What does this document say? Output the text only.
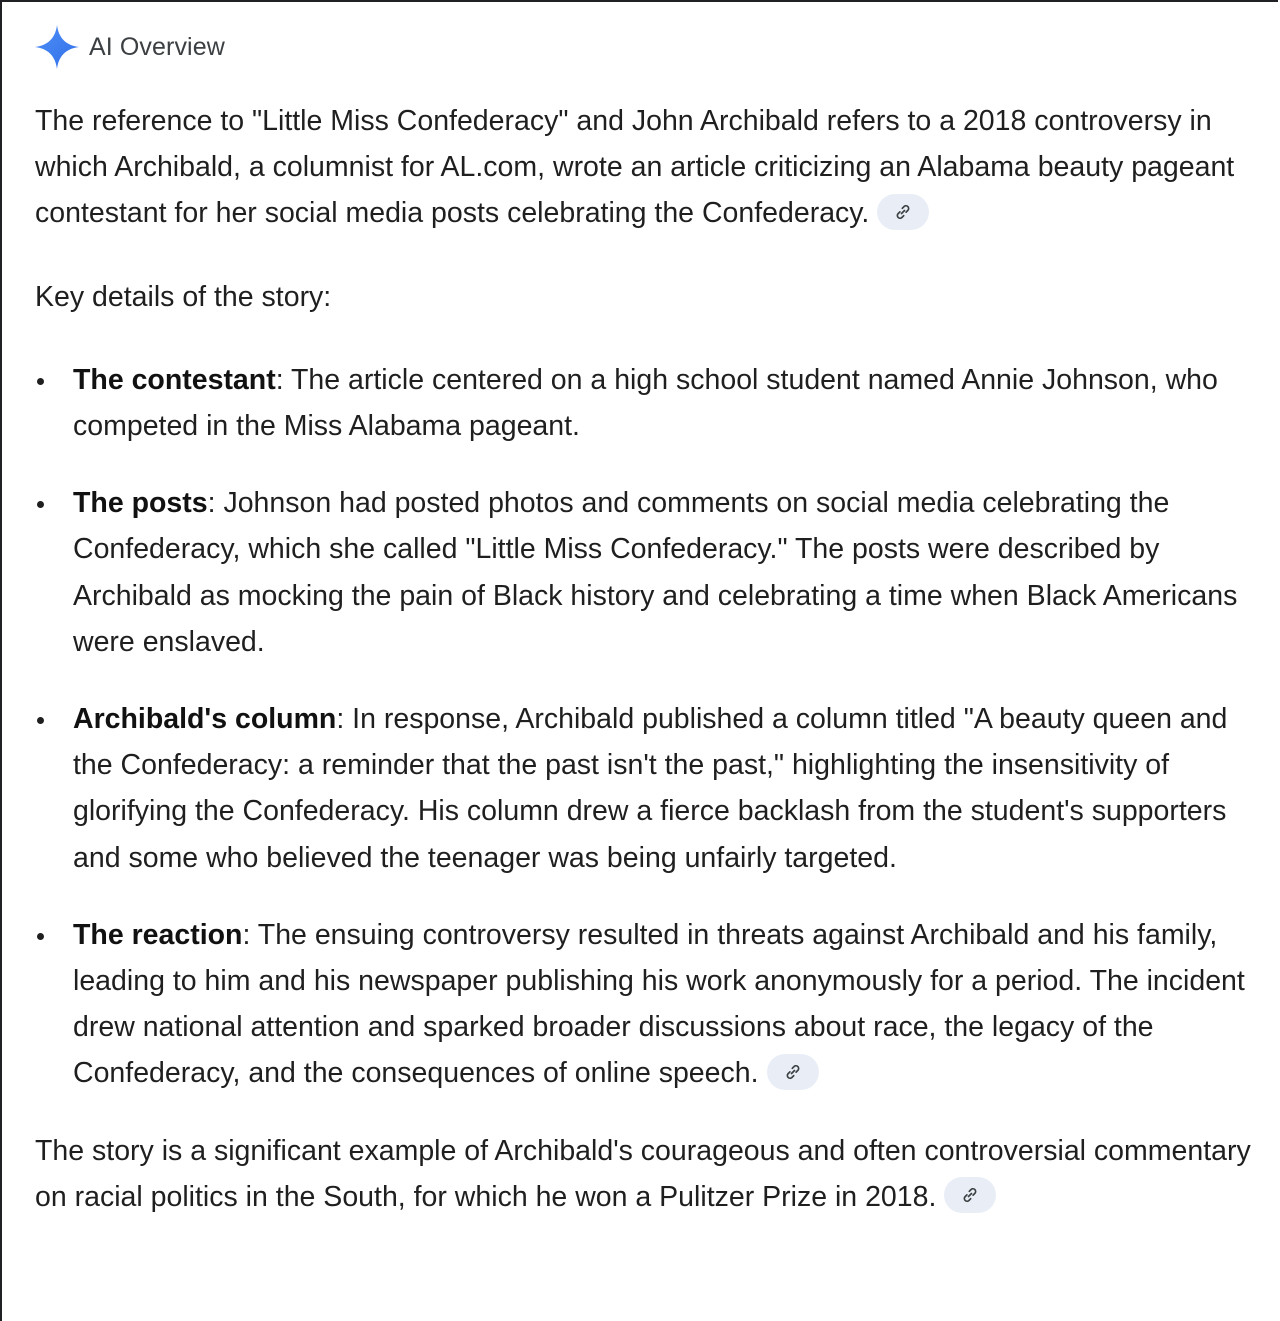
AI Overview

The reference to "Little Miss Confederacy" and John Archibald refers to a 2018 controversy in which Archibald, a columnist for AL.com, wrote an article criticizing an Alabama beauty pageant contestant for her social media posts celebrating the Confederacy.

Key details of the story:

The contestant: The article centered on a high school student named Annie Johnson, who competed in the Miss Alabama pageant.
The posts: Johnson had posted photos and comments on social media celebrating the Confederacy, which she called "Little Miss Confederacy." The posts were described by Archibald as mocking the pain of Black history and celebrating a time when Black Americans were enslaved.
Archibald's column: In response, Archibald published a column titled "A beauty queen and the Confederacy: a reminder that the past isn't the past," highlighting the insensitivity of glorifying the Confederacy. His column drew a fierce backlash from the student's supporters and some who believed the teenager was being unfairly targeted.
The reaction: The ensuing controversy resulted in threats against Archibald and his family, leading to him and his newspaper publishing his work anonymously for a period. The incident drew national attention and sparked broader discussions about race, the legacy of the Confederacy, and the consequences of online speech.

The story is a significant example of Archibald's courageous and often controversial commentary on racial politics in the South, for which he won a Pulitzer Prize in 2018.
